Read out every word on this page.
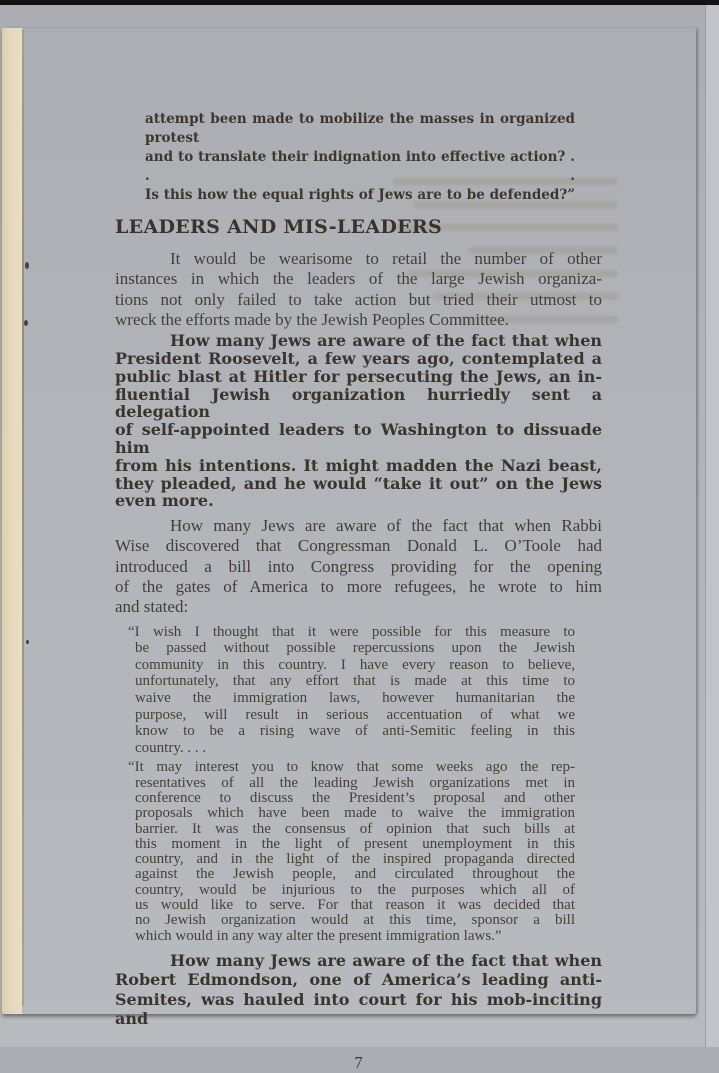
attempt been made to mobilize the masses in organized protest
and to translate their indignation into effective action? . . .
Is this how the equal rights of Jews are to be defended?”
LEADERS AND MIS-LEADERS
It would be wearisome to retail the number of other
instances in which the leaders of the large Jewish organiza-
tions not only failed to take action but tried their utmost to
wreck the efforts made by the Jewish Peoples Committee.
How many Jews are aware of the fact that when
President Roosevelt, a few years ago, contemplated a
public blast at Hitler for persecuting the Jews, an in-
fluential Jewish organization hurriedly sent a delegation
of self-appointed leaders to Washington to dissuade him
from his intentions. It might madden the Nazi beast,
they pleaded, and he would “take it out” on the Jews
even more.
How many Jews are aware of the fact that when Rabbi
Wise discovered that Congressman Donald L. O’Toole had
introduced a bill into Congress providing for the opening
of the gates of America to more refugees, he wrote to him
and stated:
“I wish I thought that it were possible for this measure to
be passed without possible repercussions upon the Jewish
community in this country. I have every reason to believe,
unfortunately, that any effort that is made at this time to
waive the immigration laws, however humanitarian the
purpose, will result in serious accentuation of what we
know to be a rising wave of anti-Semitic feeling in this
country. . . .
“It may interest you to know that some weeks ago the rep-
resentatives of all the leading Jewish organizations met in
conference to discuss the President’s proposal and other
proposals which have been made to waive the immigration
barrier. It was the consensus of opinion that such bills at
this moment in the light of present unemployment in this
country, and in the light of the inspired propaganda directed
against the Jewish people, and circulated throughout the
country, would be injurious to the purposes which all of
us would like to serve. For that reason it was decided that
no Jewish organization would at this time, sponsor a bill
which would in any way alter the present immigration laws.”
How many Jews are aware of the fact that when
Robert Edmondson, one of America’s leading anti-
Semites, was hauled into court for his mob-inciting and
7
